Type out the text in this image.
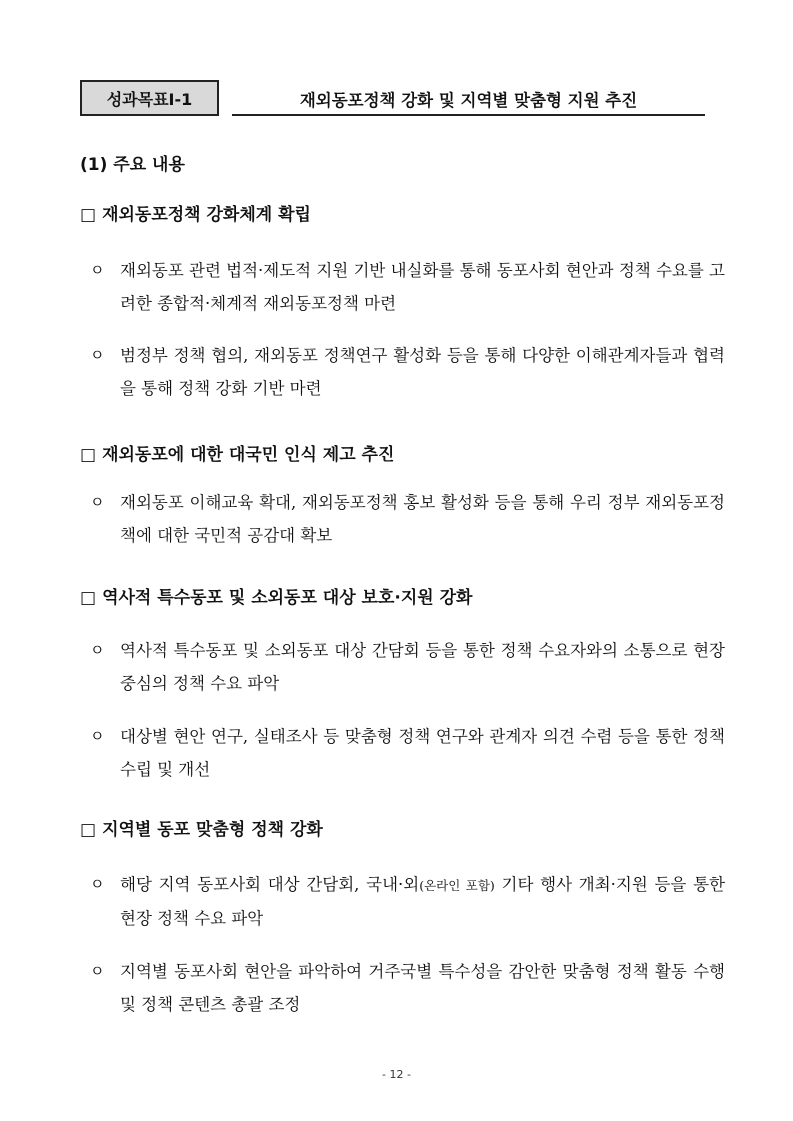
성과목표Ⅰ-1	재외동포정책 강화 및 지역별 맞춤형 지원 추진
(1) 주요 내용
□ 재외동포정책 강화체계 확립
ㅇ 재외동포 관련 법적·제도적 지원 기반 내실화를 통해 동포사회 현안과 정책 수요를 고려한 종합적·체계적 재외동포정책 마련
ㅇ 범정부 정책 협의, 재외동포 정책연구 활성화 등을 통해 다양한 이해관계자들과 협력을 통해 정책 강화 기반 마련
□ 재외동포에 대한 대국민 인식 제고 추진
ㅇ 재외동포 이해교육 확대, 재외동포정책 홍보 활성화 등을 통해 우리 정부 재외동포정책에 대한 국민적 공감대 확보
□ 역사적 특수동포 및 소외동포 대상 보호·지원 강화
ㅇ 역사적 특수동포 및 소외동포 대상 간담회 등을 통한 정책 수요자와의 소통으로 현장 중심의 정책 수요 파악
ㅇ 대상별 현안 연구, 실태조사 등 맞춤형 정책 연구와 관계자 의견 수렴 등을 통한 정책 수립 및 개선
□ 지역별 동포 맞춤형 정책 강화
ㅇ 해당 지역 동포사회 대상 간담회, 국내·외(온라인 포함) 기타 행사 개최·지원 등을 통한 현장 정책 수요 파악
ㅇ 지역별 동포사회 현안을 파악하여 거주국별 특수성을 감안한 맞춤형 정책 활동 수행 및 정책 콘텐츠 총괄 조정
- 12 -
